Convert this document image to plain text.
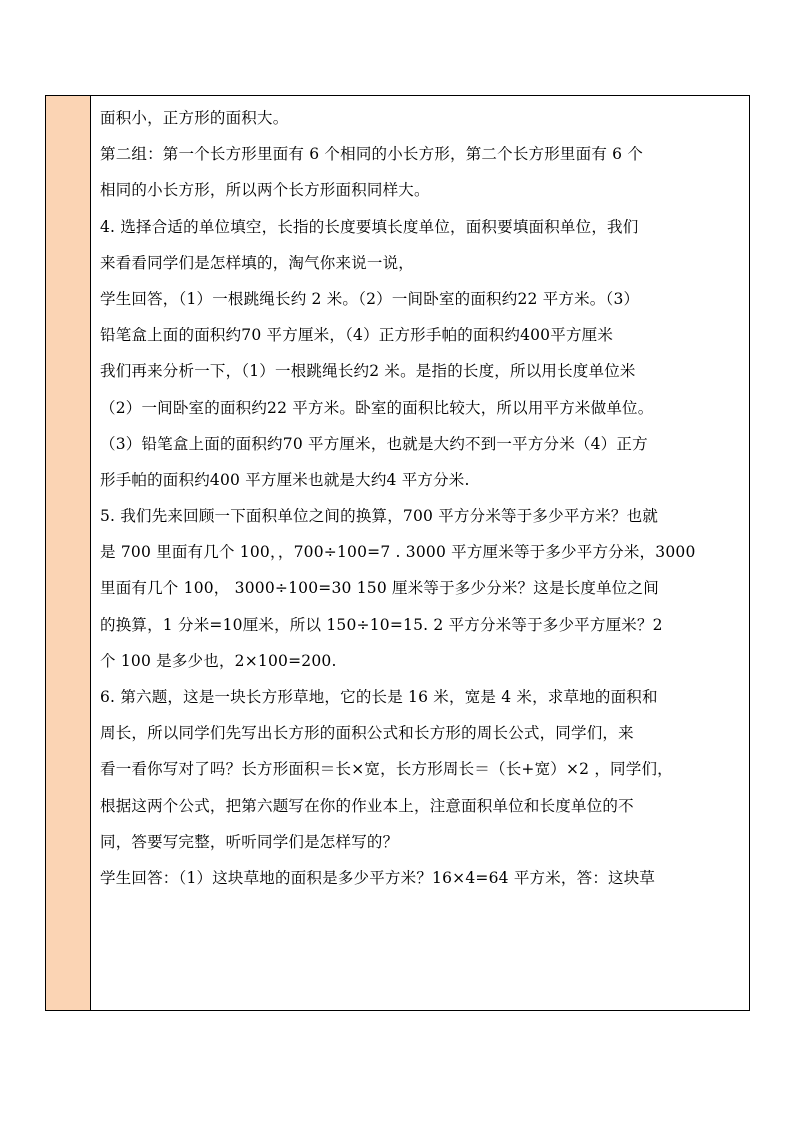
面积小，正方形的面积大。
第二组：第一个长方形里面有 6 个相同的小长方形，第二个长方形里面有 6 个
相同的小长方形，所以两个长方形面积同样大。
4. 选择合适的单位填空，长指的长度要填长度单位，面积要填面积单位，我们
来看看同学们是怎样填的，淘气你来说一说，
学生回答，（1）一根跳绳长约 2 米。（2）一间卧室的面积约22 平方米。（3）
铅笔盒上面的面积约70 平方厘米，（4）正方形手帕的面积约400平方厘米
我们再来分析一下，（1）一根跳绳长约2 米。是指的长度，所以用长度单位米
（2）一间卧室的面积约22 平方米。卧室的面积比较大，所以用平方米做单位。
（3）铅笔盒上面的面积约70 平方厘米，也就是大约不到一平方分米（4）正方
形手帕的面积约400 平方厘米也就是大约4 平方分米.
5. 我们先来回顾一下面积单位之间的换算，700 平方分米等于多少平方米？也就
是 700 里面有几个 100，，700÷100=7 . 3000 平方厘米等于多少平方分米，3000
里面有几个 100， 3000÷100=30 150 厘米等于多少分米？这是长度单位之间
的换算，1 分米=10厘米，所以 150÷10=15. 2 平方分米等于多少平方厘米？2
个 100 是多少也，2×100=200.
6. 第六题，这是一块长方形草地，它的长是 16 米，宽是 4 米，求草地的面积和
周长，所以同学们先写出长方形的面积公式和长方形的周长公式，同学们，来
看一看你写对了吗？长方形面积＝长×宽，长方形周长＝（长+宽）×2 ，同学们，
根据这两个公式，把第六题写在你的作业本上，注意面积单位和长度单位的不
同，答要写完整，听听同学们是怎样写的？
学生回答：（1）这块草地的面积是多少平方米？16×4=64 平方米，答：这块草
